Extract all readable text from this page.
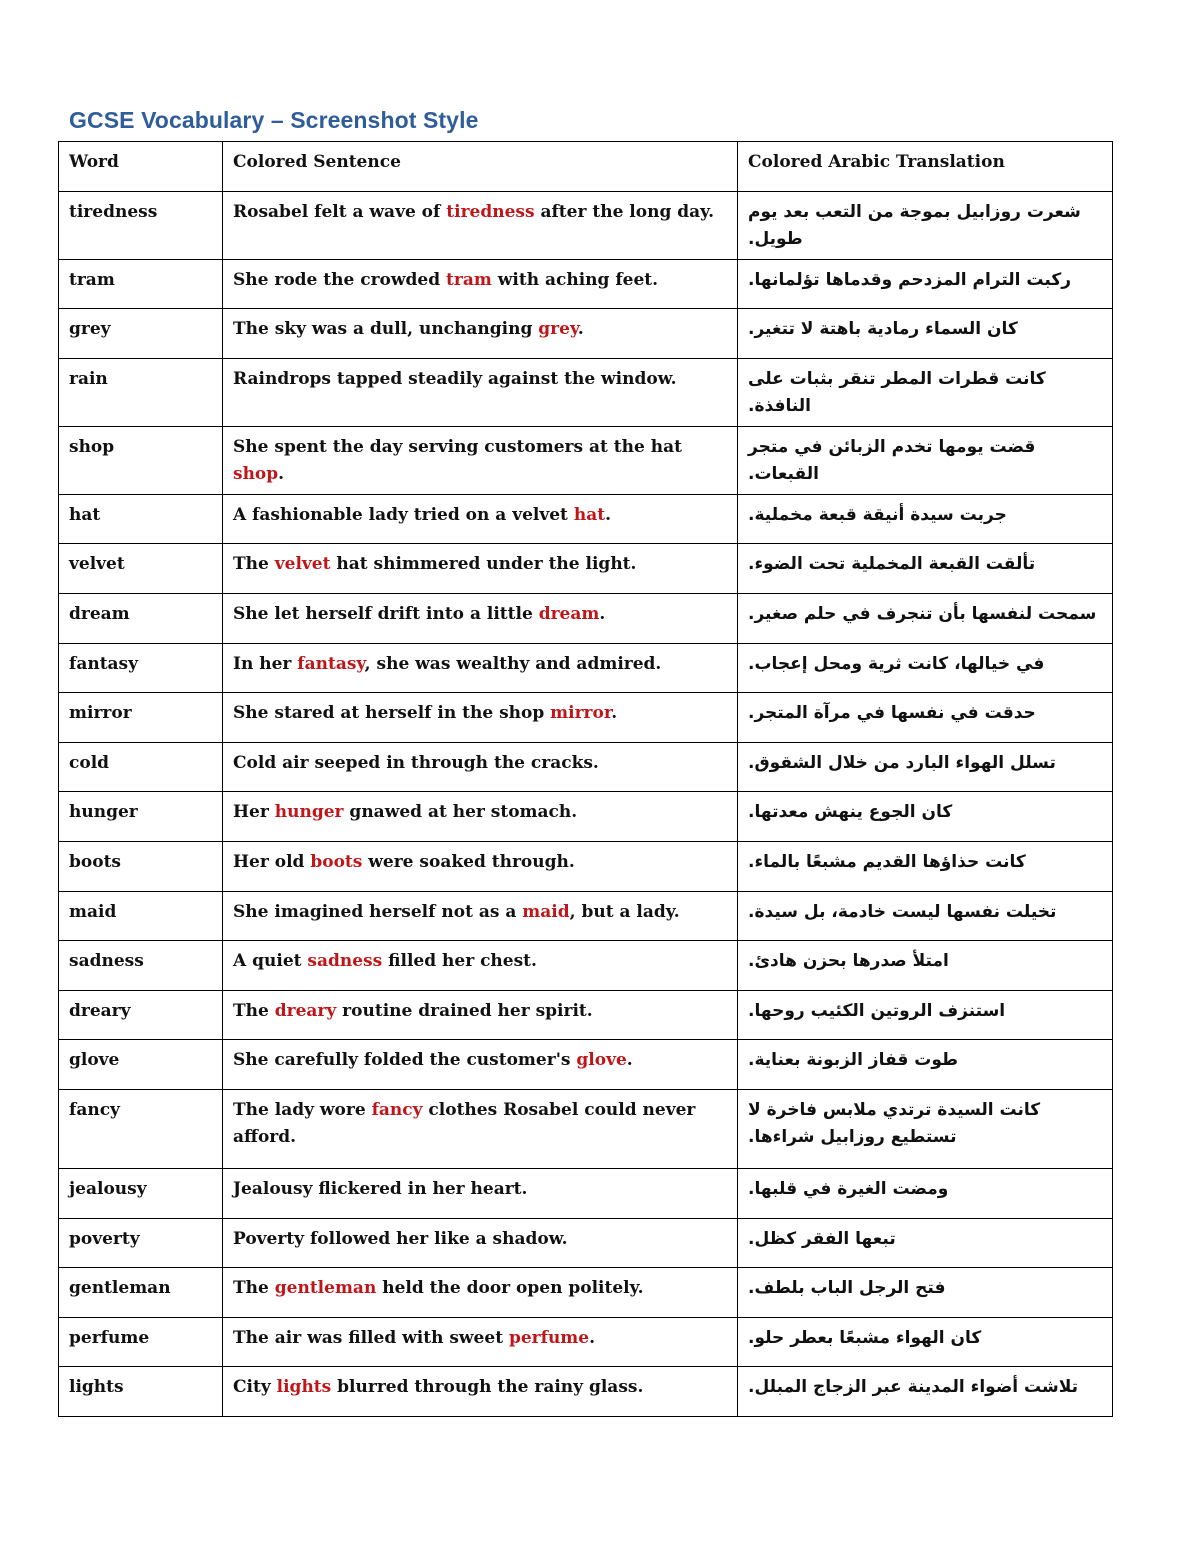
GCSE Vocabulary – Screenshot Style
Word	Colored Sentence	Colored Arabic Translation
tiredness	Rosabel felt a wave of tiredness after the long day.	شعرت روزابيل بموجة من التعب بعد يوم طويل.
tram	She rode the crowded tram with aching feet.	ركبت الترام المزدحم وقدماها تؤلمانها.
grey	The sky was a dull, unchanging grey.	كان السماء رمادية باهتة لا تتغير.
rain	Raindrops tapped steadily against the window.	كانت قطرات المطر تنقر بثبات على النافذة.
shop	She spent the day serving customers at the hat shop.	قضت يومها تخدم الزبائن في متجر القبعات.
hat	A fashionable lady tried on a velvet hat.	جربت سيدة أنيقة قبعة مخملية.
velvet	The velvet hat shimmered under the light.	تألقت القبعة المخملية تحت الضوء.
dream	She let herself drift into a little dream.	سمحت لنفسها بأن تنجرف في حلم صغير.
fantasy	In her fantasy, she was wealthy and admired.	في خيالها، كانت ثرية ومحل إعجاب.
mirror	She stared at herself in the shop mirror.	حدقت في نفسها في مرآة المتجر.
cold	Cold air seeped in through the cracks.	تسلل الهواء البارد من خلال الشقوق.
hunger	Her hunger gnawed at her stomach.	كان الجوع ينهش معدتها.
boots	Her old boots were soaked through.	كانت حذاؤها القديم مشبعًا بالماء.
maid	She imagined herself not as a maid, but a lady.	تخيلت نفسها ليست خادمة، بل سيدة.
sadness	A quiet sadness filled her chest.	امتلأ صدرها بحزن هادئ.
dreary	The dreary routine drained her spirit.	استنزف الروتين الكئيب روحها.
glove	She carefully folded the customer's glove.	طوت قفاز الزبونة بعناية.
fancy	The lady wore fancy clothes Rosabel could never afford.	كانت السيدة ترتدي ملابس فاخرة لا تستطيع روزابيل شراءها.
jealousy	Jealousy flickered in her heart.	ومضت الغيرة في قلبها.
poverty	Poverty followed her like a shadow.	تبعها الفقر كظل.
gentleman	The gentleman held the door open politely.	فتح الرجل الباب بلطف.
perfume	The air was filled with sweet perfume.	كان الهواء مشبعًا بعطر حلو.
lights	City lights blurred through the rainy glass.	تلاشت أضواء المدينة عبر الزجاج المبلل.
